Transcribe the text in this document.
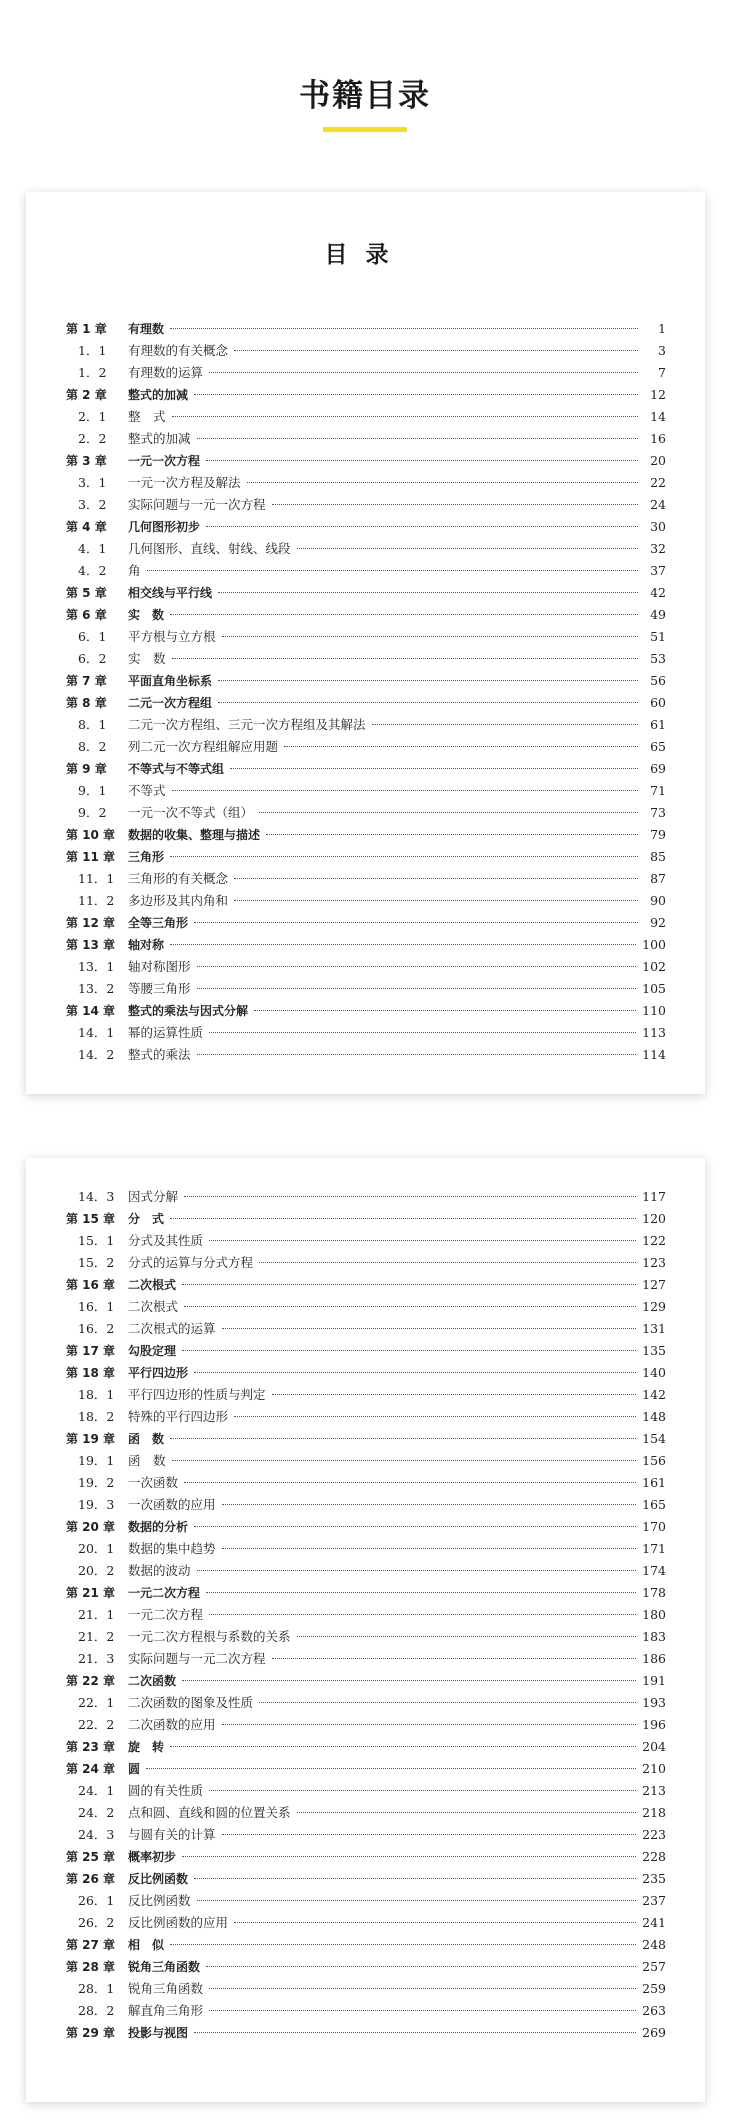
书籍目录
目录
第 1 章	有理数	1
1．1	有理数的有关概念	3
1．2	有理数的运算	7
第 2 章	整式的加减	12
2．1	整　式	14
2．2	整式的加减	16
第 3 章	一元一次方程	20
3．1	一元一次方程及解法	22
3．2	实际问题与一元一次方程	24
第 4 章	几何图形初步	30
4．1	几何图形、直线、射线、线段	32
4．2	角	37
第 5 章	相交线与平行线	42
第 6 章	实　数	49
6．1	平方根与立方根	51
6．2	实　数	53
第 7 章	平面直角坐标系	56
第 8 章	二元一次方程组	60
8．1	二元一次方程组、三元一次方程组及其解法	61
8．2	列二元一次方程组解应用题	65
第 9 章	不等式与不等式组	69
9．1	不等式	71
9．2	一元一次不等式（组）	73
第 10 章	数据的收集、整理与描述	79
第 11 章	三角形	85
11．1	三角形的有关概念	87
11．2	多边形及其内角和	90
第 12 章	全等三角形	92
第 13 章	轴对称	100
13．1	轴对称图形	102
13．2	等腰三角形	105
第 14 章	整式的乘法与因式分解	110
14．1	幂的运算性质	113
14．2	整式的乘法	114
14．3	因式分解	117
第 15 章	分　式	120
15．1	分式及其性质	122
15．2	分式的运算与分式方程	123
第 16 章	二次根式	127
16．1	二次根式	129
16．2	二次根式的运算	131
第 17 章	勾股定理	135
第 18 章	平行四边形	140
18．1	平行四边形的性质与判定	142
18．2	特殊的平行四边形	148
第 19 章	函　数	154
19．1	函　数	156
19．2	一次函数	161
19．3	一次函数的应用	165
第 20 章	数据的分析	170
20．1	数据的集中趋势	171
20．2	数据的波动	174
第 21 章	一元二次方程	178
21．1	一元二次方程	180
21．2	一元二次方程根与系数的关系	183
21．3	实际问题与一元二次方程	186
第 22 章	二次函数	191
22．1	二次函数的图象及性质	193
22．2	二次函数的应用	196
第 23 章	旋　转	204
第 24 章	圆	210
24．1	圆的有关性质	213
24．2	点和圆、直线和圆的位置关系	218
24．3	与圆有关的计算	223
第 25 章	概率初步	228
第 26 章	反比例函数	235
26．1	反比例函数	237
26．2	反比例函数的应用	241
第 27 章	相　似	248
第 28 章	锐角三角函数	257
28．1	锐角三角函数	259
28．2	解直角三角形	263
第 29 章	投影与视图	269
